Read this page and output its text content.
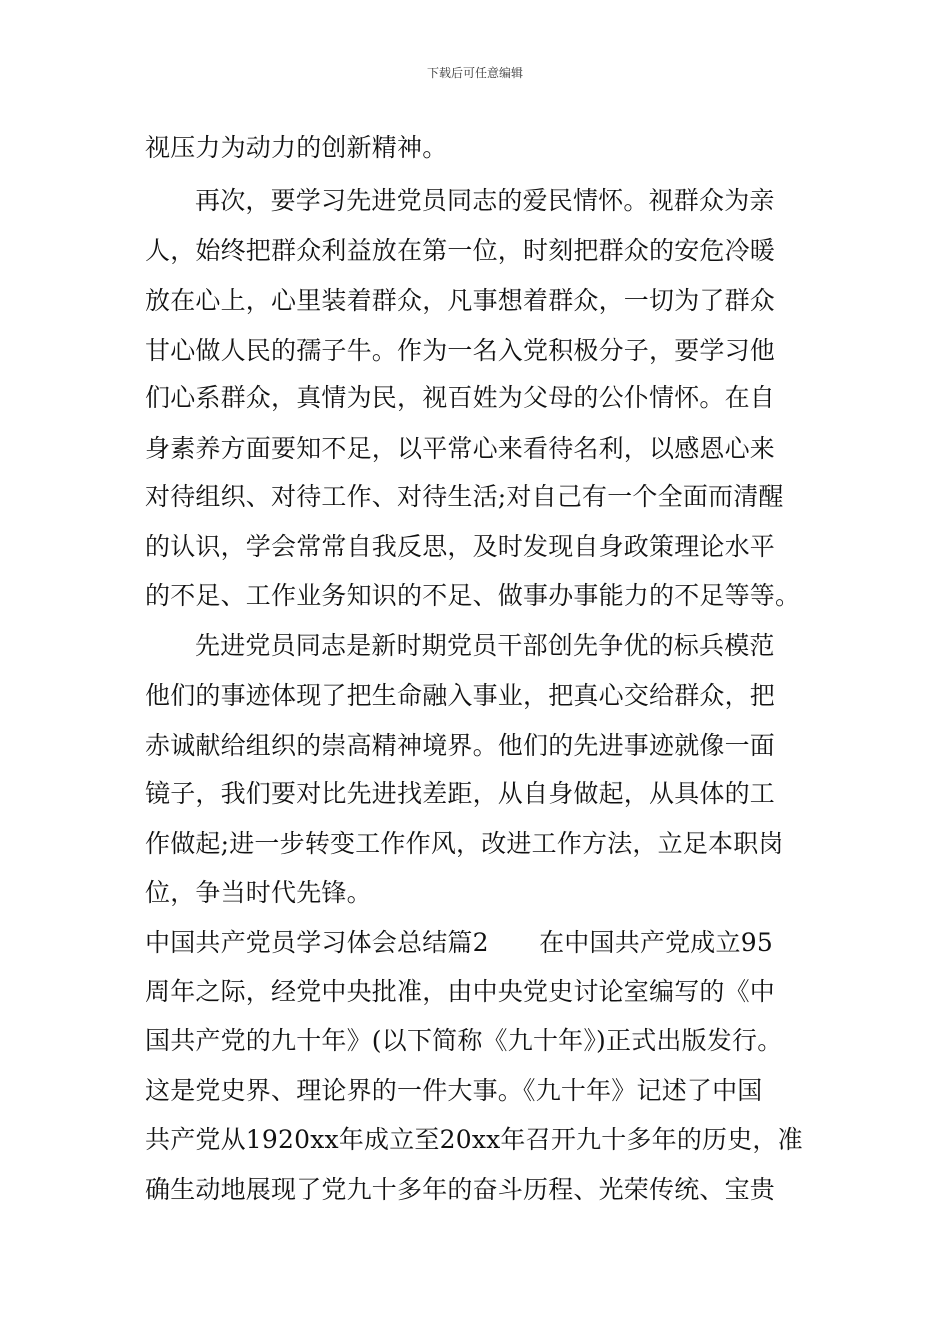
下载后可任意编辑
视压力为动力的创新精神。
再次，要学习先进党员同志的爱民情怀。视群众为亲
人，始终把群众利益放在第一位，时刻把群众的安危冷暖
放在心上，心里装着群众，凡事想着群众，一切为了群众
甘心做人民的孺子牛。作为一名入党积极分子，要学习他
们心系群众，真情为民，视百姓为父母的公仆情怀。在自
身素养方面要知不足，以平常心来看待名利，以感恩心来
对待组织、对待工作、对待生活;对自己有一个全面而清醒
的认识，学会常常自我反思，及时发现自身政策理论水平
的不足、工作业务知识的不足、做事办事能力的不足等等。
先进党员同志是新时期党员干部创先争优的标兵模范
他们的事迹体现了把生命融入事业，把真心交给群众，把
赤诚献给组织的崇高精神境界。他们的先进事迹就像一面
镜子，我们要对比先进找差距，从自身做起，从具体的工
作做起;进一步转变工作作风，改进工作方法，立足本职岗
位，争当时代先锋。
中国共产党员学习体会总结篇2　　在中国共产党成立95
周年之际，经党中央批准，由中央党史讨论室编写的《中
国共产党的九十年》(以下简称《九十年》)正式出版发行。
这是党史界、理论界的一件大事。《九十年》记述了中国
共产党从1920xx年成立至20xx年召开九十多年的历史，准
确生动地展现了党九十多年的奋斗历程、光荣传统、宝贵
